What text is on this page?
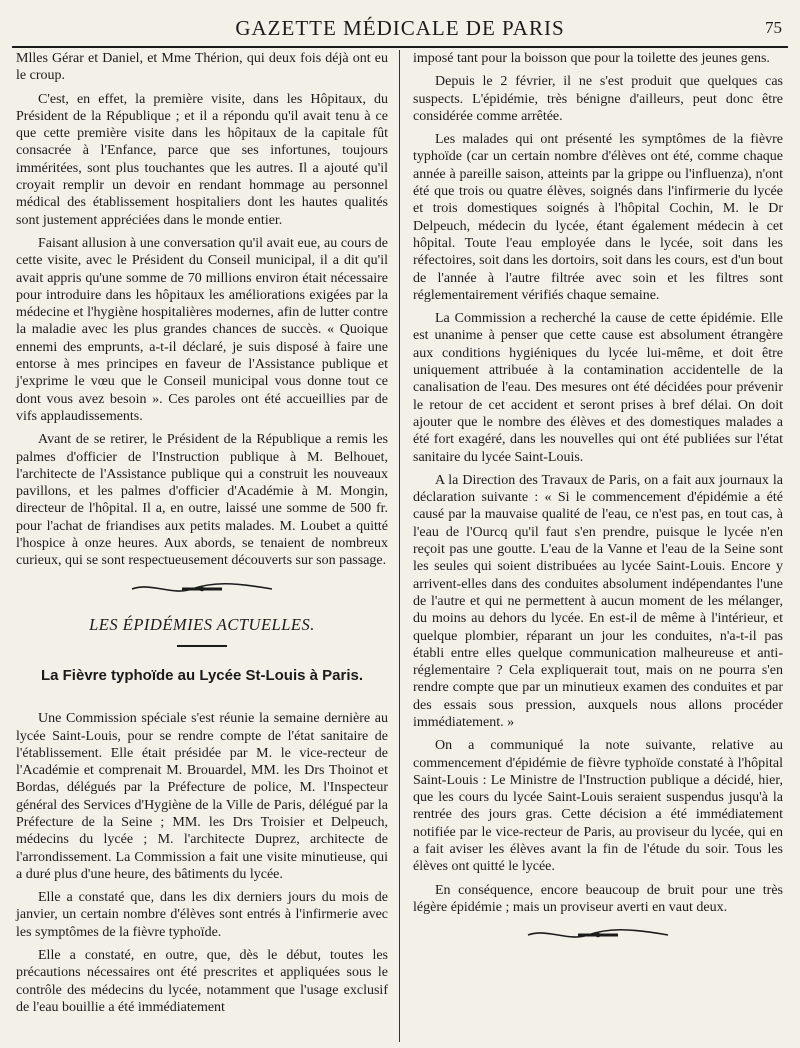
GAZETTE MÉDICALE DE PARIS	75

Mlles Gérar et Daniel, et Mme Thérion, qui deux fois déjà ont eu le croup.

C'est, en effet, la première visite, dans les Hôpitaux, du Président de la République ; et il a répondu qu'il avait tenu à ce que cette première visite dans les hôpitaux de la capitale fût consacrée à l'Enfance, parce que ses infortunes, toujours imméritées, sont plus touchantes que les autres. Il a ajouté qu'il croyait remplir un devoir en rendant hommage au personnel médical des établissement hospitaliers dont les hautes qualités sont justement appréciées dans le monde entier.

Faisant allusion à une conversation qu'il avait eue, au cours de cette visite, avec le Président du Conseil municipal, il a dit qu'il avait appris qu'une somme de 70 millions environ était nécessaire pour introduire dans les hôpitaux les améliorations exigées par la médecine et l'hygiène hospitalières modernes, afin de lutter contre la maladie avec les plus grandes chances de succès. « Quoique ennemi des emprunts, a-t-il déclaré, je suis disposé à faire une entorse à mes principes en faveur de l'Assistance publique et j'exprime le vœu que le Conseil municipal vous donne tout ce dont vous avez besoin ». Ces paroles ont été accueillies par de vifs applaudissements.

Avant de se retirer, le Président de la République a remis les palmes d'officier de l'Instruction publique à M. Belhouet, l'architecte de l'Assistance publique qui a construit les nouveaux pavillons, et les palmes d'officier d'Académie à M. Mongin, directeur de l'hôpital. Il a, en outre, laissé une somme de 500 fr. pour l'achat de friandises aux petits malades. M. Loubet a quitté l'hospice à onze heures. Aux abords, se tenaient de nombreux curieux, qui se sont respectueusement découverts sur son passage.

LES ÉPIDÉMIES ACTUELLES.

La Fièvre typhoïde au Lycée St-Louis à Paris.

Une Commission spéciale s'est réunie la semaine dernière au lycée Saint-Louis, pour se rendre compte de l'état sanitaire de l'établissement. Elle était présidée par M. le vice-recteur de l'Académie et comprenait M. Brouardel, MM. les Drs Thoinot et Bordas, délégués par la Préfecture de police, M. l'Inspecteur général des Services d'Hygiène de la Ville de Paris, délégué par la Préfecture de la Seine ; MM. les Drs Troisier et Delpeuch, médecins du lycée ; M. l'architecte Duprez, architecte de l'arrondissement. La Commission a fait une visite minutieuse, qui a duré plus d'une heure, des bâtiments du lycée.

Elle a constaté que, dans les dix derniers jours du mois de janvier, un certain nombre d'élèves sont entrés à l'infirmerie avec les symptômes de la fièvre typhoïde.

Elle a constaté, en outre, que, dès le début, toutes les précautions nécessaires ont été prescrites et appliquées sous le contrôle des médecins du lycée, notamment que l'usage exclusif de l'eau bouillie a été immédiatement

imposé tant pour la boisson que pour la toilette des jeunes gens.

Depuis le 2 février, il ne s'est produit que quelques cas suspects. L'épidémie, très bénigne d'ailleurs, peut donc être considérée comme arrêtée.

Les malades qui ont présenté les symptômes de la fièvre typhoïde (car un certain nombre d'élèves ont été, comme chaque année à pareille saison, atteints par la grippe ou l'influenza), n'ont été que trois ou quatre élèves, soignés dans l'infirmerie du lycée et trois domestiques soignés à l'hôpital Cochin, M. le Dr Delpeuch, médecin du lycée, étant également médecin à cet hôpital. Toute l'eau employée dans le lycée, soit dans les réfectoires, soit dans les dortoirs, soit dans les cours, est d'un bout de l'année à l'autre filtrée avec soin et les filtres sont réglementairement vérifiés chaque semaine.

La Commission a recherché la cause de cette épidémie. Elle est unanime à penser que cette cause est absolument étrangère aux conditions hygiéniques du lycée lui-même, et doit être uniquement attribuée à la contamination accidentelle de la canalisation de l'eau. Des mesures ont été décidées pour prévenir le retour de cet accident et seront prises à bref délai. On doit ajouter que le nombre des élèves et des domestiques malades a été fort exagéré, dans les nouvelles qui ont été publiées sur l'état sanitaire du lycée Saint-Louis.

A la Direction des Travaux de Paris, on a fait aux journaux la déclaration suivante : « Si le commencement d'épidémie a été causé par la mauvaise qualité de l'eau, ce n'est pas, en tout cas, à l'eau de l'Ourcq qu'il faut s'en prendre, puisque le lycée n'en reçoit pas une goutte. L'eau de la Vanne et l'eau de la Seine sont les seules qui soient distribuées au lycée Saint-Louis. Encore y arrivent-elles dans des conduites absolument indépendantes l'une de l'autre et qui ne permettent à aucun moment de les mélanger, du moins au dehors du lycée. En est-il de même à l'intérieur, et quelque plombier, réparant un jour les conduites, n'a-t-il pas établi entre elles quelque communication malheureuse et anti-réglementaire ? Cela expliquerait tout, mais on ne pourra s'en rendre compte que par un minutieux examen des conduites et par des essais sous pression, auxquels nous allons procéder immédiatement. »

On a communiqué la note suivante, relative au commencement d'épidémie de fièvre typhoïde constaté à l'hôpital Saint-Louis : Le Ministre de l'Instruction publique a décidé, hier, que les cours du lycée Saint-Louis seraient suspendus jusqu'à la rentrée des jours gras. Cette décision a été immédiatement notifiée par le vice-recteur de Paris, au proviseur du lycée, qui en a fait aviser les élèves avant la fin de l'étude du soir. Tous les élèves ont quitté le lycée.

En conséquence, encore beaucoup de bruit pour une très légère épidémie ; mais un proviseur averti en vaut deux.
